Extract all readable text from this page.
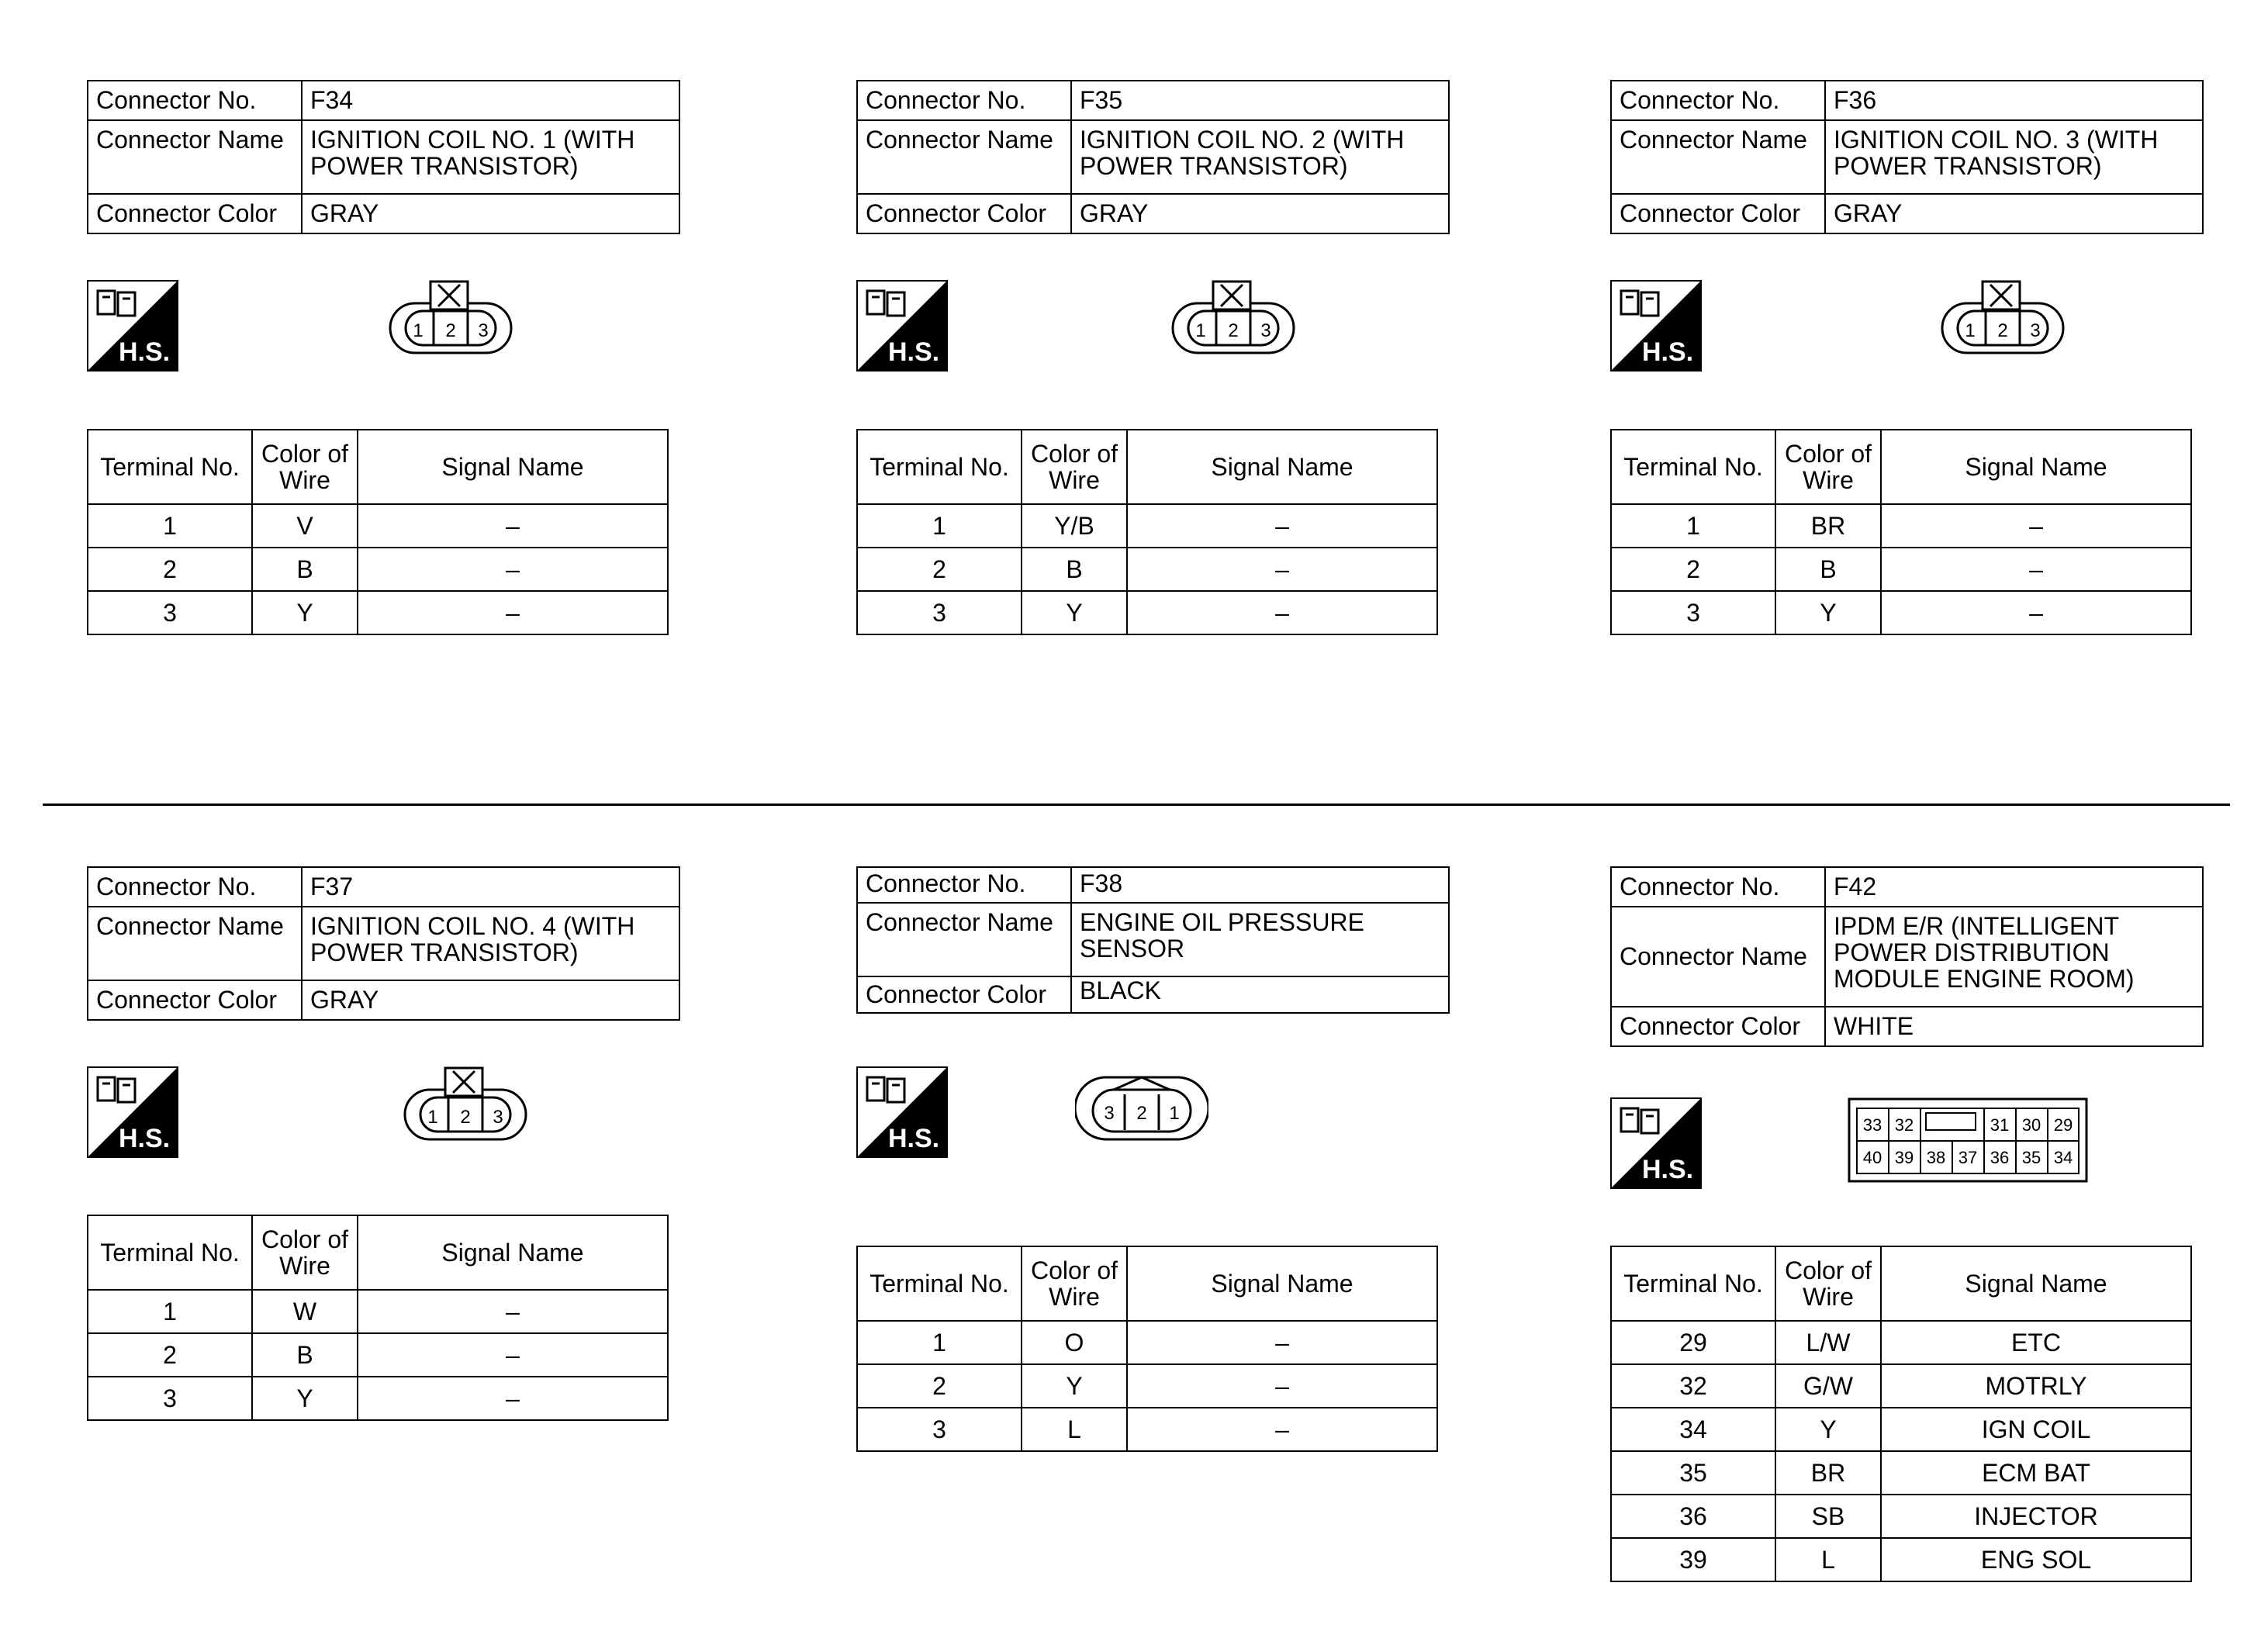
Connector No.	F34
Connector Name	IGNITION COIL NO. 1 (WITH POWER TRANSISTOR)
Connector Color	GRAY
H.S.
1 2 3
Terminal No.	Color of Wire	Signal Name
1	V	–
2	B	–
3	Y	–
Connector No.	F35
Connector Name	IGNITION COIL NO. 2 (WITH POWER TRANSISTOR)
Connector Color	GRAY
H.S.
1 2 3
Terminal No.	Color of Wire	Signal Name
1	Y/B	–
2	B	–
3	Y	–
Connector No.	F36
Connector Name	IGNITION COIL NO. 3 (WITH POWER TRANSISTOR)
Connector Color	GRAY
H.S.
1 2 3
Terminal No.	Color of Wire	Signal Name
1	BR	–
2	B	–
3	Y	–
Connector No.	F37
Connector Name	IGNITION COIL NO. 4 (WITH POWER TRANSISTOR)
Connector Color	GRAY
H.S.
1 2 3
Terminal No.	Color of Wire	Signal Name
1	W	–
2	B	–
3	Y	–
Connector No.	F38
Connector Name	ENGINE OIL PRESSURE SENSOR
Connector Color	BLACK
H.S.
3 2 1
Terminal No.	Color of Wire	Signal Name
1	O	–
2	Y	–
3	L	–
Connector No.	F42
Connector Name	IPDM E/R (INTELLIGENT POWER DISTRIBUTION MODULE ENGINE ROOM)
Connector Color	WHITE
H.S.
33 32	31 30 29
40 39 38 37 36 35 34
Terminal No.	Color of Wire	Signal Name
29	L/W	ETC
32	G/W	MOTRLY
34	Y	IGN COIL
35	BR	ECM BAT
36	SB	INJECTOR
39	L	ENG SOL
